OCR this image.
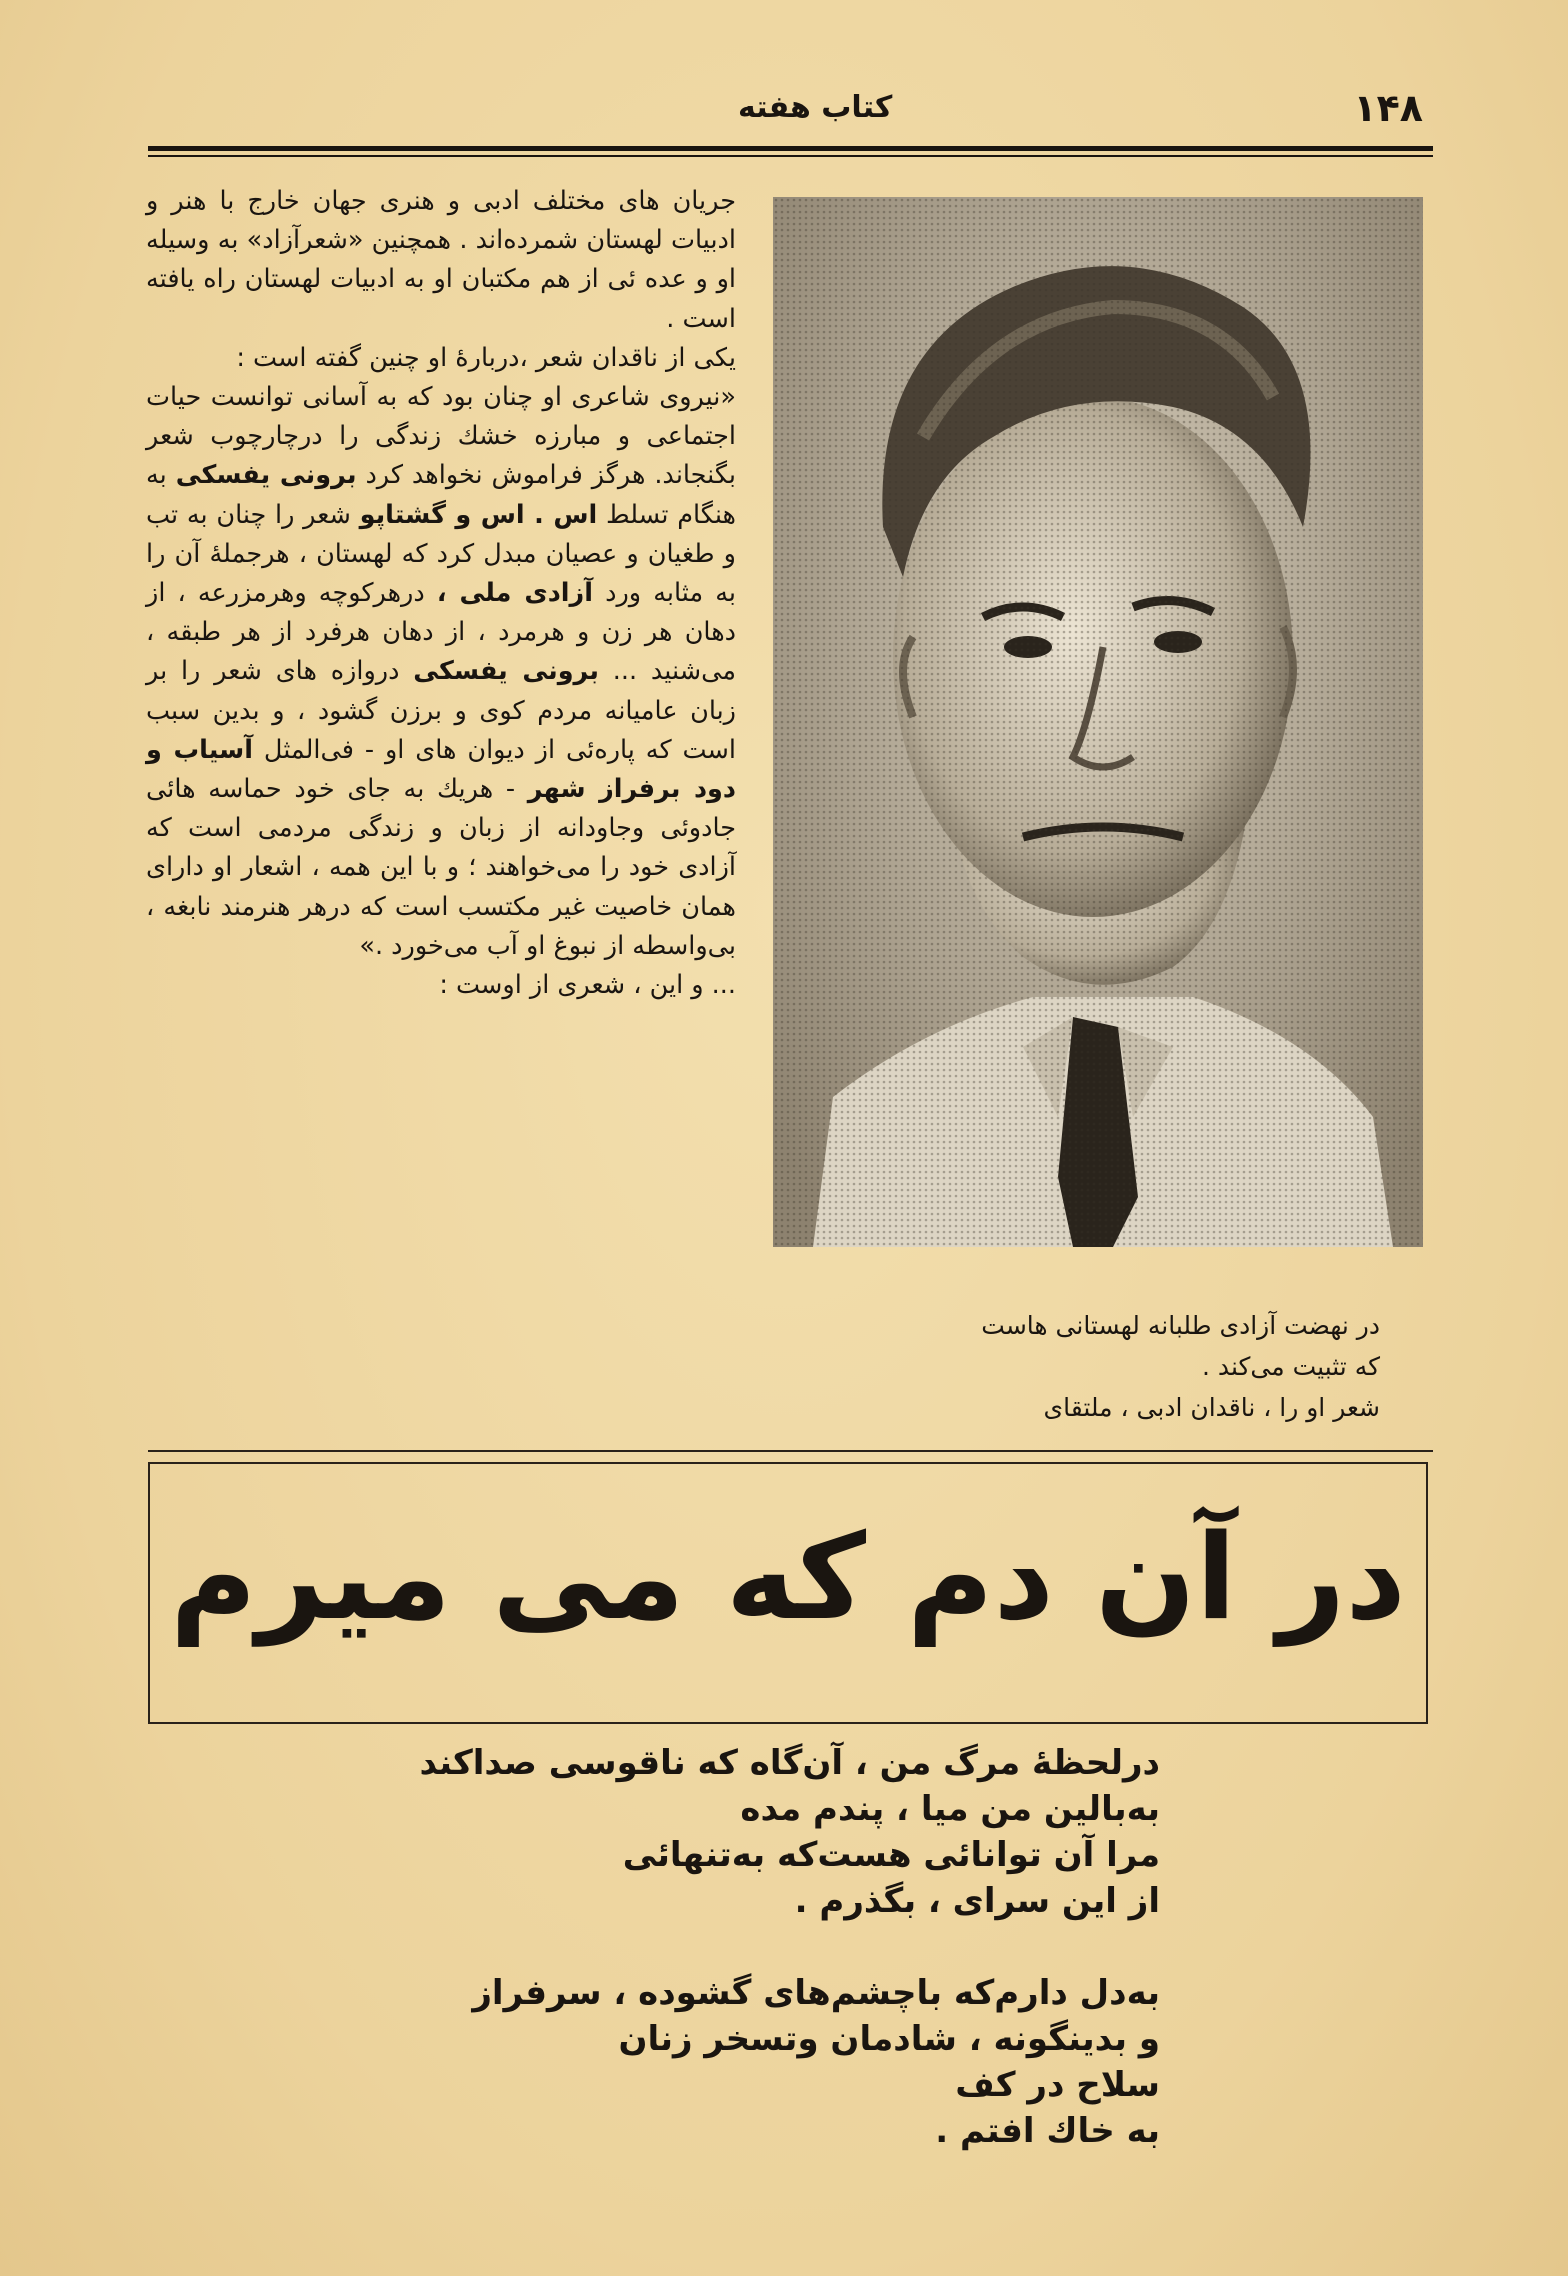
کتاب هفته	۱۴۸

جریان های مختلف ادبی و هنری جهان خارج با هنر و ادبیات لهستان شمرده‌اند . همچنین «شعرآزاد» به وسیله او و عده ئی از هم مکتبان او به ادبیات لهستان راه یافته است .

یکی از ناقدان شعر ،دربارهٔ او چنین گفته است :

«نیروی شاعری او چنان بود که به آسانی توانست حیات اجتماعی و مبارزه خشك زندگی را درچارچوب شعر بگنجاند. هرگز فراموش نخواهد کرد برونی یفسکی به هنگام تسلط اس . اس و گشتاپو شعر را چنان به تب و طغیان و عصیان مبدل کرد که لهستان ، هرجملهٔ آن را به مثابه ورد آزادی ملی ، درهرکوچه وهرمزرعه ، از دهان هر زن و هرمرد ، از دهان هرفرد از هر طبقه ، می‌شنید ... برونی یفسکی دروازه های شعر را بر زبان عامیانه مردم کوی و برزن گشود ، و بدین سبب است که پاره‌ئی از دیوان های او - فی‌المثل آسیاب و دود برفراز شهر - هریك به جای خود حماسه هائی جادوئی وجاودانه از زبان و زندگی مردمی است که آزادی خود را می‌خواهند ؛ و با این همه ، اشعار او دارای همان خاصیت غیر مکتسب است که درهر هنرمند نابغه ، بی‌واسطه از نبوغ او آب می‌خورد .»

... و این ، شعری از اوست :

در نهضت آزادی طلبانه لهستانی هاست

که تثبیت می‌کند .

شعر او را ، ناقدان ادبی ، ملتقای

در آن دم که می میرم
درلحظهٔ مرگ من ، آن‌گاه که ناقوسی صداکند
به‌بالین من میا ، پندم مده
مرا آن توانائی هست‌که به‌تنهائی
از این سرای ، بگذرم .
به‌دل دارم‌که باچشم‌های گشوده ، سرفراز
و بدینگونه ، شادمان وتسخر زنان
سلاح در کف
به خاك افتم .
